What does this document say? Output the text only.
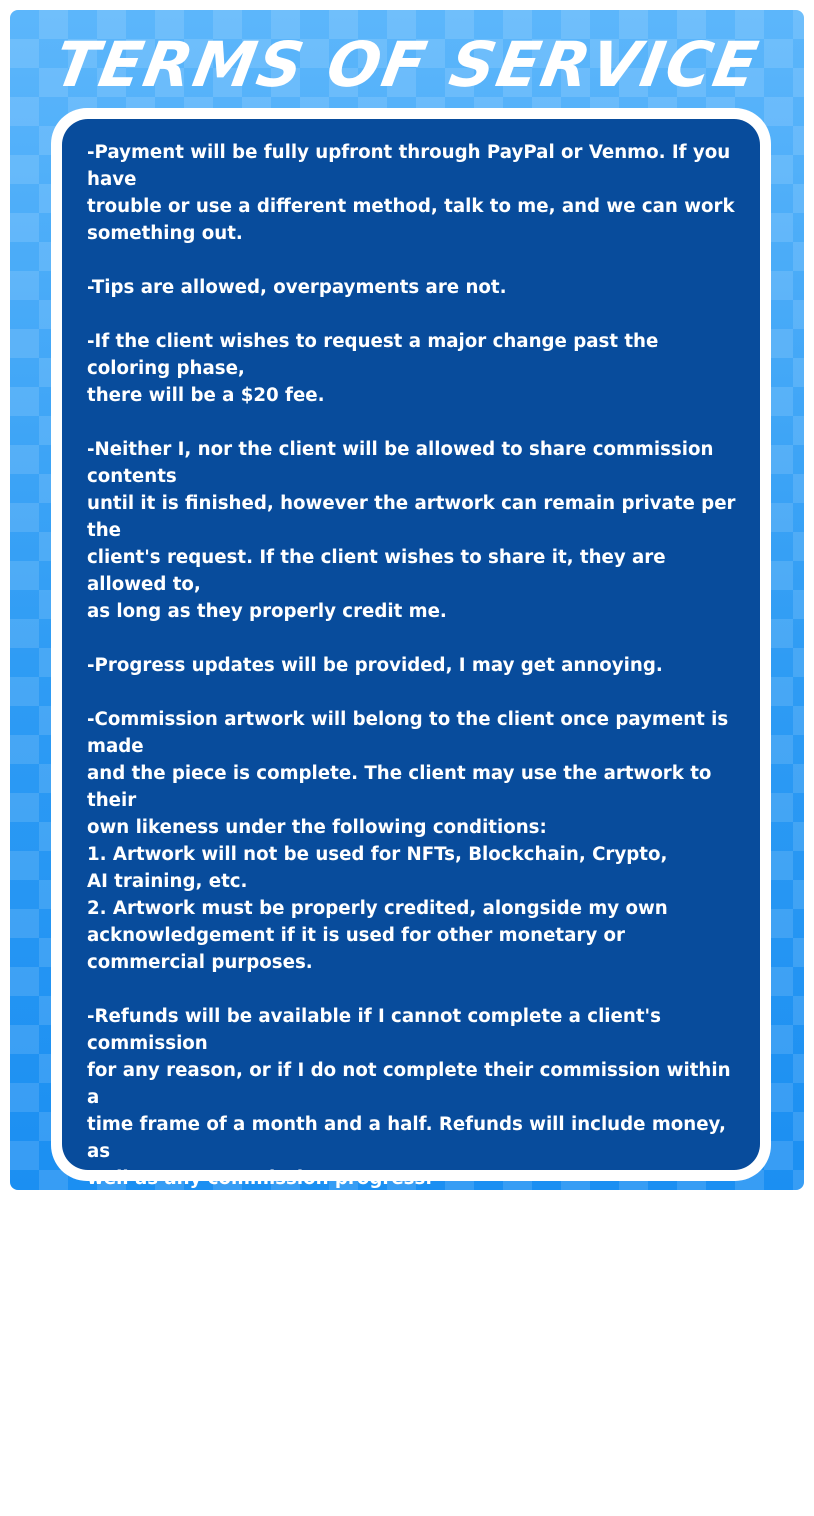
TERMS OF SERVICE

-Payment will be fully upfront through PayPal or Venmo. If you have
trouble or use a different method, talk to me, and we can work
something out.

-Tips are allowed, overpayments are not.

-If the client wishes to request a major change past the coloring phase,
there will be a $20 fee.

-Neither I, nor the client will be allowed to share commission contents
until it is finished, however the artwork can remain private per the
client's request. If the client wishes to share it, they are allowed to,
as long as they properly credit me.

-Progress updates will be provided, I may get annoying.

-Commission artwork will belong to the client once payment is made
and the piece is complete. The client may use the artwork to their
own likeness under the following conditions:
1. Artwork will not be used for NFTs, Blockchain, Crypto,
AI training, etc.
2. Artwork must be properly credited, alongside my own
acknowledgement if it is used for other monetary or
commercial purposes.

-Refunds will be available if I cannot complete a client's commission
for any reason, or if I do not complete their commission within a
time frame of a month and a half. Refunds will include money, as
well as any commission progress.

-Refunds will also be available when the commission is in progress.
Money will be returned, however returning any commssion progress
may depend in this case.

-I am allowed to withhold refunds from clients under suspect of
scamming, scheming, inappropriate behavior, etc. or in the case of
bad faith or dissatisfaction.
